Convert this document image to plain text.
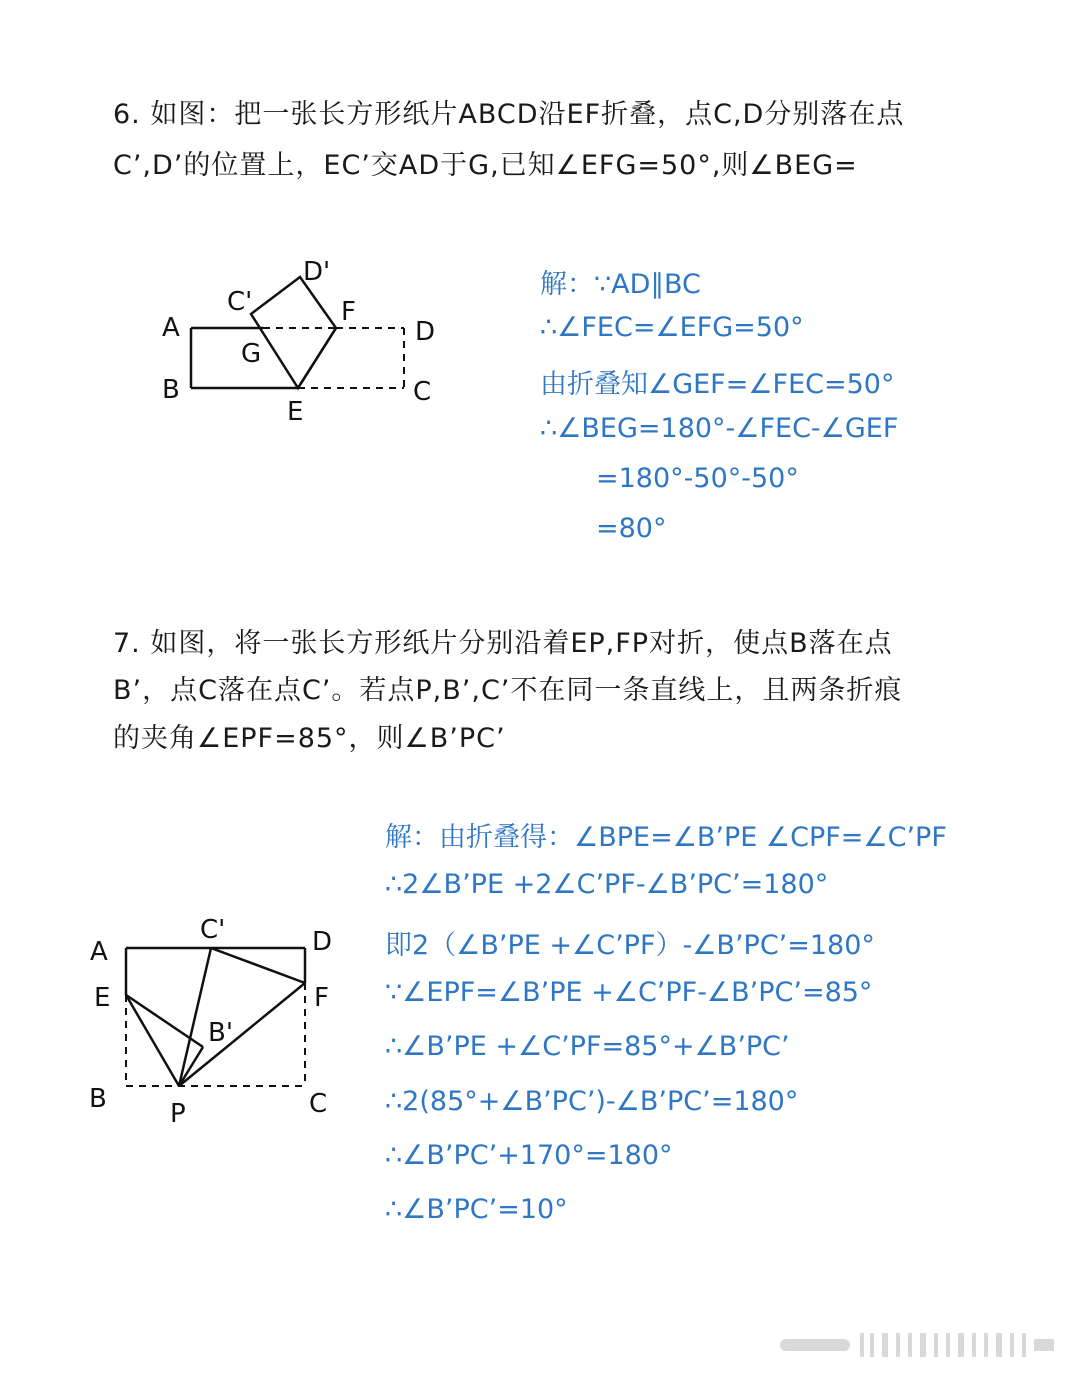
6. 如图：把一张长方形纸片ABCD沿EF折叠，点C,D分别落在点
C’,D’的位置上，EC’交AD于G,已知∠EFG=50°,则∠BEG=
A
B
E
C
D
F
G
C'
D'	解：∵AD∥BC
∴∠FEC=∠EFG=50°
由折叠知∠GEF=∠FEC=50°
∴∠BEG=180°-∠FEC-∠GEF
=180°-50°-50°
=80°
7. 如图，将一张长方形纸片分别沿着EP,FP对折，使点B落在点
B’，点C落在点C’。若点P,B’,C’不在同一条直线上，且两条折痕
的夹角∠EPF=85°，则∠B’PC’
A
E
B P	C
D
F
C'
B'
解：由折叠得：∠BPE=∠B’PE ∠CPF=∠C’PF
∴2∠B’PE +2∠C’PF-∠B’PC’=180°
即2（∠B’PE +∠C’PF）-∠B’PC’=180°
∵∠EPF=∠B’PE +∠C’PF-∠B’PC’=85°
∴∠B’PE +∠C’PF=85°+∠B’PC’
∴2(85°+∠B’PC’)-∠B’PC’=180°
∴∠B’PC’+170°=180°
∴∠B’PC’=10°
